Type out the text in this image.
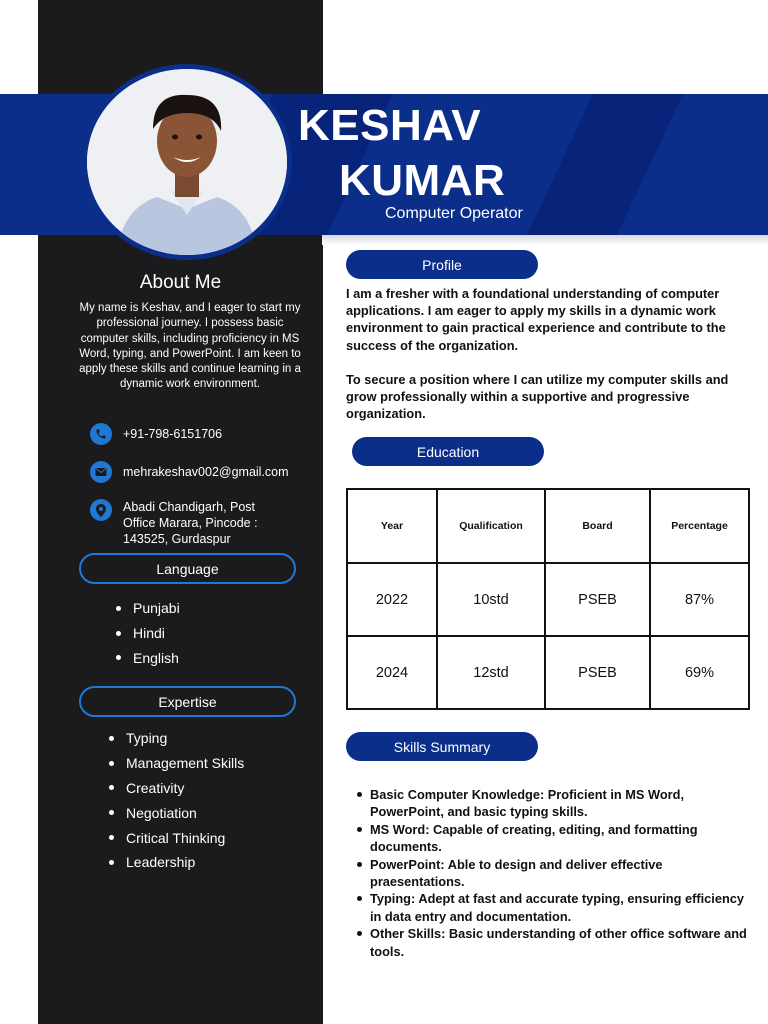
KESHAV
KUMAR
Computer Operator
About Me
My name is Keshav, and I eager to start my professional journey. I possess basic computer skills, including proficiency in MS Word, typing, and PowerPoint. I am keen to apply these skills and continue learning in a dynamic work environment.
+91-798-6151706
mehrakeshav002@gmail.com
Abadi Chandigarh, Post Office Marara, Pincode : 143525, Gurdaspur
Language
Punjabi
Hindi
English
Expertise
Typing
Management Skills
Creativity
Negotiation
Critical Thinking
Leadership
Profile

I am a fresher with a foundational understanding of computer applications. I am eager to apply my skills in a dynamic work environment to gain practical experience and contribute to the success of the organization.

To secure a position where I can utilize my computer skills and grow professionally within a supportive and progressive organization.

Education
Year	Qualification	Board	Percentage
2022	10std	PSEB	87%
2024	12std	PSEB	69%
Skills Summary
Basic Computer Knowledge: Proficient in MS Word, PowerPoint, and basic typing skills.
MS Word: Capable of creating, editing, and formatting documents.
PowerPoint: Able to design and deliver effective praesentations.
Typing: Adept at fast and accurate typing, ensuring efficiency in data entry and documentation.
Other Skills: Basic understanding of other office software and tools.
